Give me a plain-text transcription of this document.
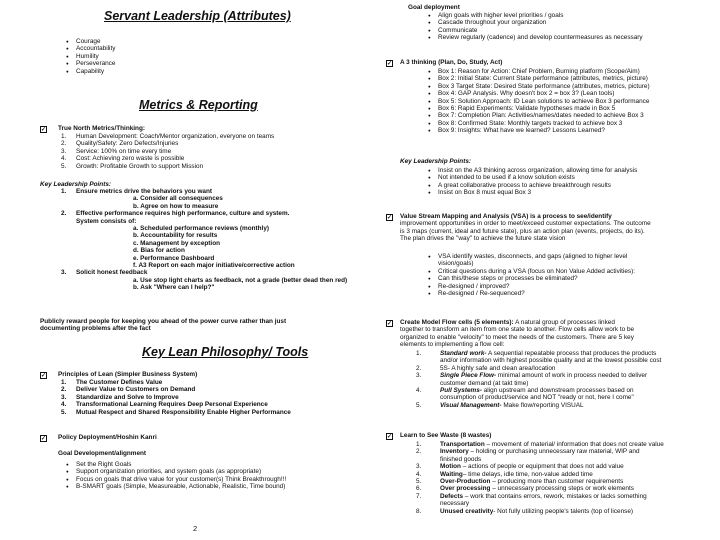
Servant Leadership (Attributes)
● Courage
● Accountability
● Humility
● Perseverance
● Capability
Metrics & Reporting
✓ True North Metrics/Thinking:
1. Human Development: Coach/Mentor organization, everyone on teams
2. Quality/Safety: Zero Defects/Injuries
3. Service: 100% on time every time
4. Cost: Achieving zero waste is possible
5. Growth: Profitable Growth to support Mission
Key Leadership Points:
1. Ensure metrics drive the behaviors you want
a. Consider all consequences
b. Agree on how to measure
2. Effective performance requires high performance, culture and system.
System consists of:
a. Scheduled performance reviews (monthly)
b. Accountability for results
c. Management by exception
d. Bias for action
e. Performance Dashboard
f. A3 Report on each major initiative/corrective action
3. Solicit honest feedback
a. Use stop light charts as feedback, not a grade (better dead then red)
b. Ask "Where can I help?"
Publicly reward people for keeping you ahead of the power curve rather than just
documenting problems after the fact
Key Lean Philosophy/ Tools
✓ Principles of Lean (Simpler Business System)
1. The Customer Defines Value
2. Deliver Value to Customers on Demand
3. Standardize and Solve to Improve
4. Transformational Learning Requires Deep Personal Experience
5. Mutual Respect and Shared Responsibility Enable Higher Performance
✓ Policy Deployment/Hoshin Kanri
Goal Development/alignment
● Set the Right Goals
● Support organization priorities, and system goals (as appropriate)
● Focus on goals that drive value for your customer(s) Think Breakthrough!!!
● B-SMART goals (Simple, Measureable, Actionable, Realistic, Time bound)
2
Goal deployment
● Align goals with higher level priorities / goals
● Cascade throughout your organization
● Communicate
● Review regularly (cadence) and develop countermeasures as necessary
✓ A 3 thinking (Plan, Do, Study, Act)
● Box 1: Reason for Action: Chief Problem, Burning platform (Scope/Aim)
● Box 2: Initial State: Current State performance (attributes, metrics, picture)
● Box 3 Target State: Desired State performance (attributes, metrics, picture)
● Box 4: GAP Analysis. Why doesn't box 2 = box 3? (Lean tools)
● Box 5: Solution Approach: ID Lean solutions to achieve Box 3 performance
● Box 6: Rapid Experiments: Validate hypotheses made in Box 5
● Box 7: Completion Plan: Activities/names/dates needed to achieve Box 3
● Box 8: Confirmed State: Monthly targets tracked to achieve box 3
● Box 9: Insights: What have we learned? Lessons Learned?
Key Leadership Points:
● Insist on the A3 thinking across organization, allowing time for analysis
● Not intended to be used if a know solution exists
● A great collaborative process to achieve breakthrough results
● Insist on Box 8 must equal Box 3
✓ Value Stream Mapping and Analysis (VSA) is a process to see/identify
improvement opportunities in order to meet/exceed customer expectations. The outcome
is 3 maps (current, ideal and future state), plus an action plan (events, projects, do its).
The plan drives the "way" to achieve the future state vision
● VSA identify wastes, disconnects, and gaps (aligned to higher level
vision/goals)
● Critical questions during a VSA (focus on Non Value Added activities):
● Can this/these steps or processes be eliminated?
● Re-designed / improved?
● Re-designed / Re-sequenced?
✓ Create Model Flow cells (5 elements): A natural group of processes linked
together to transform an item from one state to another. Flow cells allow work to be
organized to enable "velocity" to meet the needs of the customers. There are 5 key
elements to implementing a flow cell:
1.	Standard work- A sequential repeatable process that produces the products
and/or information with highest possible quality and at the lowest possible cost
2.	5S- A highly safe and clean area/location
3.	Single Piece Flow- minimal amount of work in process needed to deliver
customer demand (at takt time)
4.	Pull Systems- align upstream and downstream processes based on
consumption of product/service and NOT "ready or not, here I come"
5.	Visual Management- Make flow/reporting VISUAL
✓ Learn to See Waste (8 wastes)
1.	Transportation – movement of material/ information that does not create value
2.	Inventory – holding or purchasing unnecessary raw material, WIP and
finished goods
3.	Motion – actions of people or equipment that does not add value
4.	Waiting– time delays, idle time, non-value added time
5.	Over-Production – producing more than customer requirements
6.	Over processing – unnecessary processing steps or work elements
7.	Defects – work that contains errors, rework, mistakes or lacks something
necessary
8.	Unused creativity- Not fully utilizing people's talents (top of license)
